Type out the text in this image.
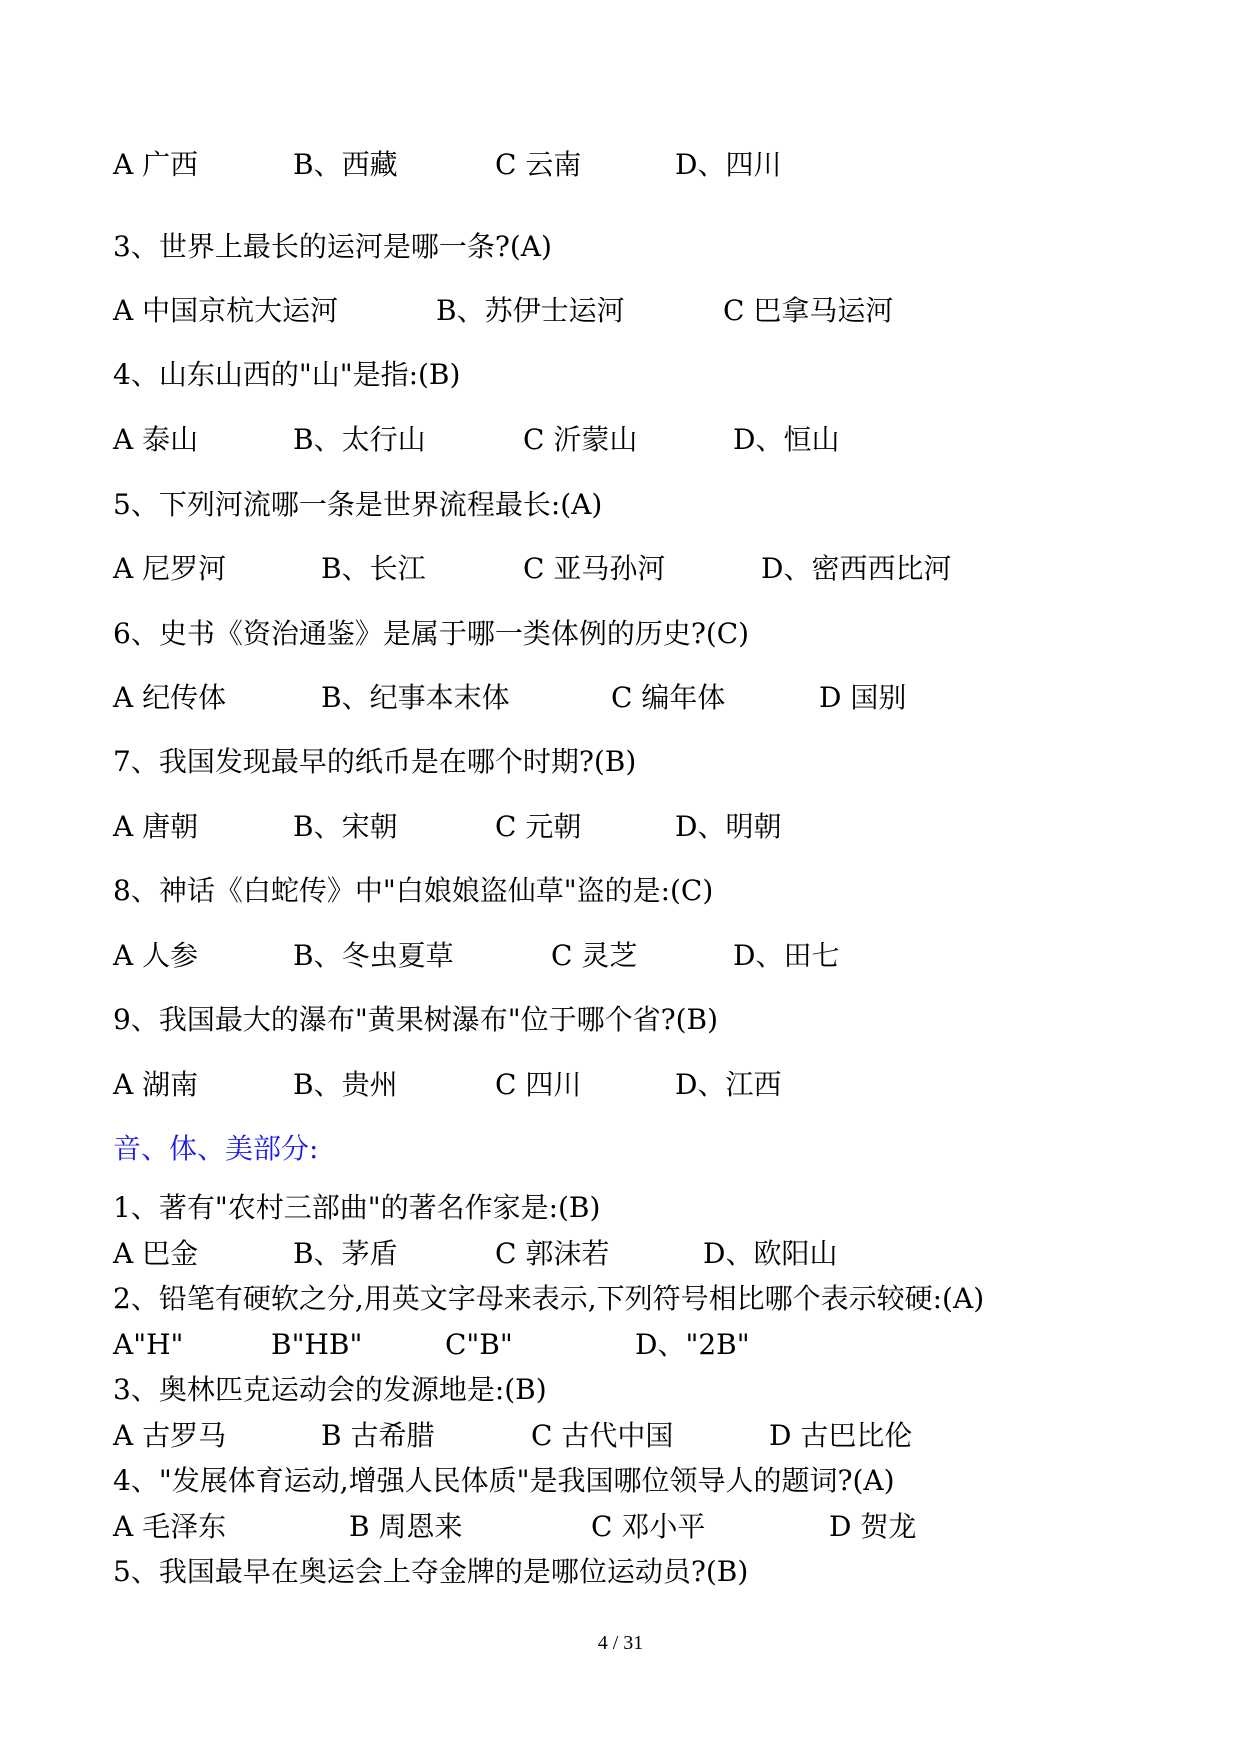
A 广西	B、西藏	C 云南	D、四川
3、世界上最长的运河是哪一条?(A)
A 中国京杭大运河	B、苏伊士运河	C 巴拿马运河
4、山东山西的"山"是指:(B)
A 泰山	B、太行山	C 沂蒙山	D、恒山
5、下列河流哪一条是世界流程最长:(A)
A 尼罗河	B、长江	C 亚马孙河	D、密西西比河
6、史书《资治通鉴》是属于哪一类体例的历史?(C)
A 纪传体	B、纪事本末体	C 编年体	D 国别
7、我国发现最早的纸币是在哪个时期?(B)
A 唐朝	B、宋朝	C 元朝	D、明朝
8、神话《白蛇传》中"白娘娘盗仙草"盗的是:(C)
A 人参	B、冬虫夏草	C 灵芝	D、田七
9、我国最大的瀑布"黄果树瀑布"位于哪个省?(B)
A 湖南	B、贵州	C 四川	D、江西
音、体、美部分:
1、著有"农村三部曲"的著名作家是:(B)
A 巴金	B、茅盾	C 郭沫若	D、欧阳山
2、铅笔有硬软之分,用英文字母来表示,下列符号相比哪个表示较硬:(A)
A"H"	B"HB"	C"B"	D、"2B"
3、奥林匹克运动会的发源地是:(B)
A 古罗马	B 古希腊	C 古代中国	D 古巴比伦
4、"发展体育运动,增强人民体质"是我国哪位领导人的题词?(A)
A 毛泽东	B 周恩来	C 邓小平	D 贺龙
5、我国最早在奥运会上夺金牌的是哪位运动员?(B)
4 / 31
